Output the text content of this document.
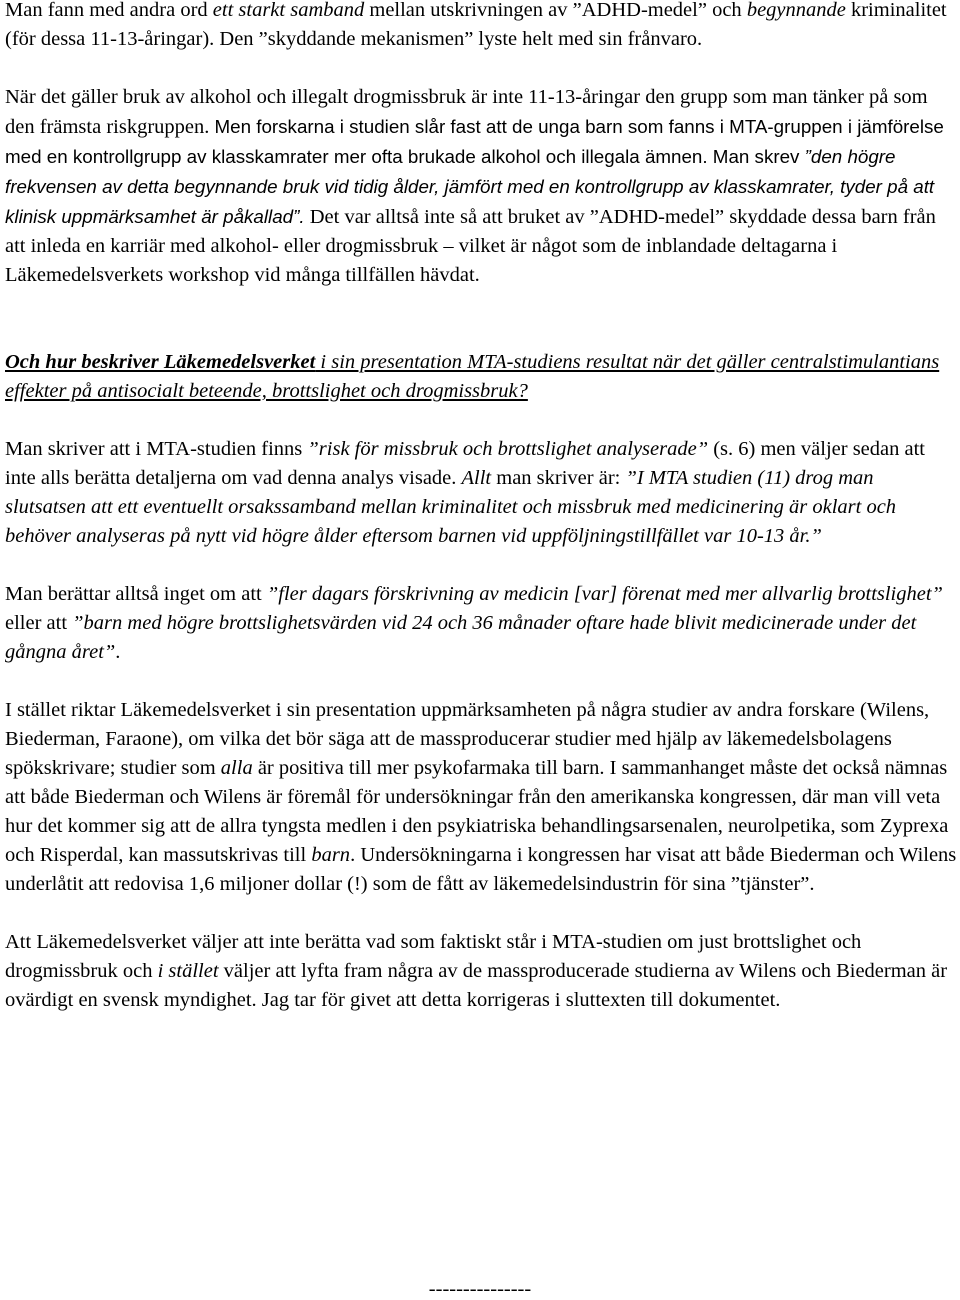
Man fann med andra ord ett starkt samband mellan utskrivningen av ”ADHD-medel” och begynnande kriminalitet (för dessa 11-13-åringar). Den ”skyddande mekanismen” lyste helt med sin frånvaro.

När det gäller bruk av alkohol och illegalt drogmissbruk är inte 11-13-åringar den grupp som man tänker på som den främsta riskgruppen. Men forskarna i studien slår fast att de unga barn som fanns i MTA-gruppen i jämförelse med en kontrollgrupp av klasskamrater mer ofta brukade alkohol och illegala ämnen. Man skrev ”den högre frekvensen av detta begynnande bruk vid tidig ålder, jämfört med en kontrollgrupp av klasskamrater, tyder på att klinisk uppmärksamhet är påkallad”. Det var alltså inte så att bruket av ”ADHD-medel” skyddade dessa barn från att inleda en karriär med alkohol- eller drogmissbruk – vilket är något som de inblandade deltagarna i Läkemedelsverkets workshop vid många tillfällen hävdat.

Och hur beskriver Läkemedelsverket i sin presentation MTA-studiens resultat när det gäller centralstimulantians effekter på antisocialt beteende, brottslighet och drogmissbruk?

Man skriver att i MTA-studien finns ”risk för missbruk och brottslighet analyserade” (s. 6) men väljer sedan att inte alls berätta detaljerna om vad denna analys visade. Allt man skriver är: ”I MTA studien (11) drog man slutsatsen att ett eventuellt orsakssamband mellan kriminalitet och missbruk med medicinering är oklart och behöver analyseras på nytt vid högre ålder eftersom barnen vid uppföljningstillfället var 10-13 år.”

Man berättar alltså inget om att ”fler dagars förskrivning av medicin [var] förenat med mer allvarlig brottslighet” eller att ”barn med högre brottslighetsvärden vid 24 och 36 månader oftare hade blivit medicinerade under det gångna året”.

I stället riktar Läkemedelsverket i sin presentation uppmärksamheten på några studier av andra forskare (Wilens, Biederman, Faraone), om vilka det bör säga att de massproducerar studier med hjälp av läkemedelsbolagens spökskrivare; studier som alla är positiva till mer psykofarmaka till barn. I sammanhanget måste det också nämnas att både Biederman och Wilens är föremål för undersökningar från den amerikanska kongressen, där man vill veta hur det kommer sig att de allra tyngsta medlen i den psykiatriska behandlingsarsenalen, neurolpetika, som Zyprexa och Risperdal, kan massutskrivas till barn. Undersökningarna i kongressen har visat att både Biederman och Wilens underlåtit att redovisa 1,6 miljoner dollar (!) som de fått av läkemedelsindustrin för sina ”tjänster”.

Att Läkemedelsverket väljer att inte berätta vad som faktiskt står i MTA-studien om just brottslighet och drogmissbruk och i stället väljer att lyfta fram några av de massproducerade studierna av Wilens och Biederman är ovärdigt en svensk myndighet. Jag tar för givet att detta korrigeras i sluttexten till dokumentet.

---------------
